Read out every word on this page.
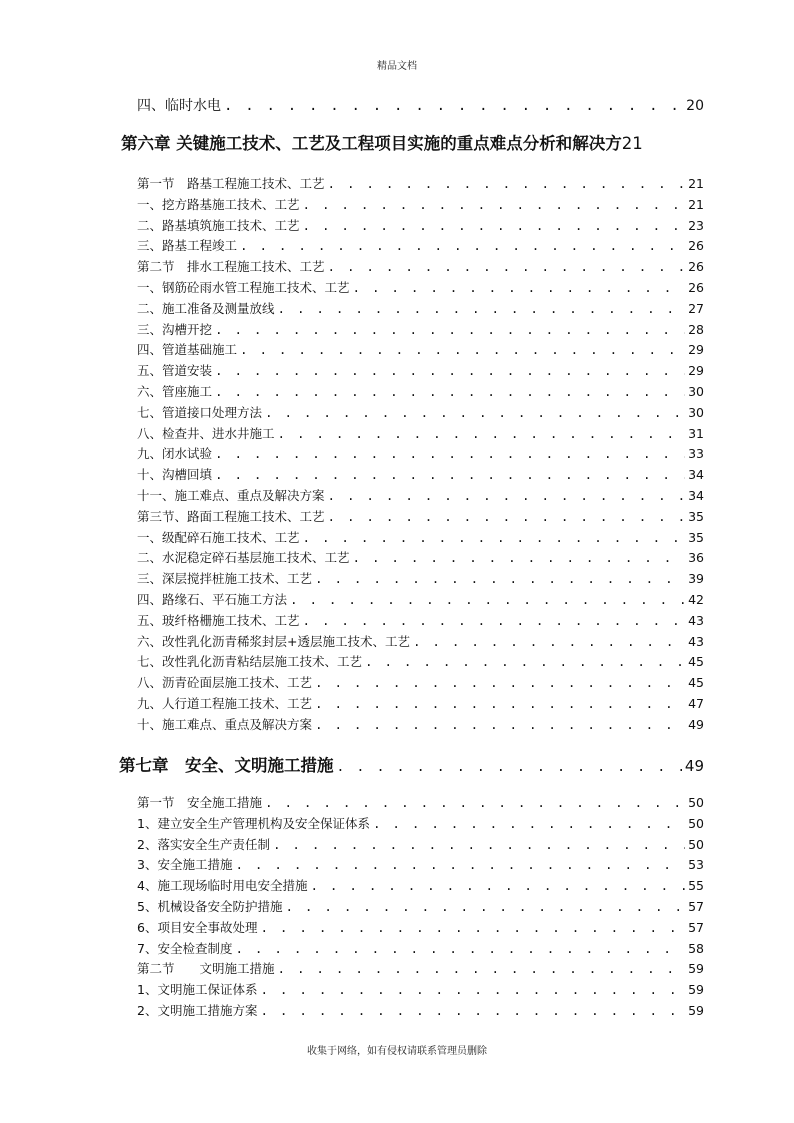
精品文档
四、临时水电 . . .	20
第六章 关键施工技术、工艺及工程项目实施的重点难点分析和解决方21
第一节　路基工程施工技术、工艺 . . .	21
一、挖方路基施工技术、工艺 . . .	21
二、路基填筑施工技术、工艺 . . .	23
三、路基工程竣工 . . .	26
第二节　排水工程施工技术、工艺 . . .	26
一、钢筋砼雨水管工程施工技术、工艺 . . .	26
二、施工准备及测量放线 . . .	27
三、沟槽开挖 . . .	28
四、管道基础施工 . . .	29
五、管道安装 . . .	29
六、管座施工 . . .	30
七、管道接口处理方法 . . .	30
八、检查井、进水井施工 . . .	31
九、闭水试验 . . .	33
十、沟槽回填 . . .	34
十一、施工难点、重点及解决方案 . . .	34
第三节、路面工程施工技术、工艺 . . .	35
一、级配碎石施工技术、工艺 . . .	35
二、水泥稳定碎石基层施工技术、工艺 . . .	36
三、深层搅拌桩施工技术、工艺 . . .	39
四、路缘石、平石施工方法 . . .	42
五、玻纤格栅施工技术、工艺 . . .	43
六、改性乳化沥青稀浆封层+透层施工技术、工艺 . . .	43
七、改性乳化沥青粘结层施工技术、工艺 . . .	45
八、沥青砼面层施工技术、工艺 . . .	45
九、人行道工程施工技术、工艺 . . .	47
十、施工难点、重点及解决方案 . . .	49
第七章　安全、文明施工措施 . . .	49
第一节　安全施工措施 . . .	50
1、建立安全生产管理机构及安全保证体系 . . .	50
2、落实安全生产责任制 . . .	50
3、安全施工措施 . . .	53
4、施工现场临时用电安全措施 . . .	55
5、机械设备安全防护措施 . . .	57
6、项目安全事故处理 . . .	57
7、安全检查制度 . . .	58
第二节　　文明施工措施 . . .	59
1、文明施工保证体系 . . .	59
2、文明施工措施方案 . . .	59
收集于网络，如有侵权请联系管理员删除
